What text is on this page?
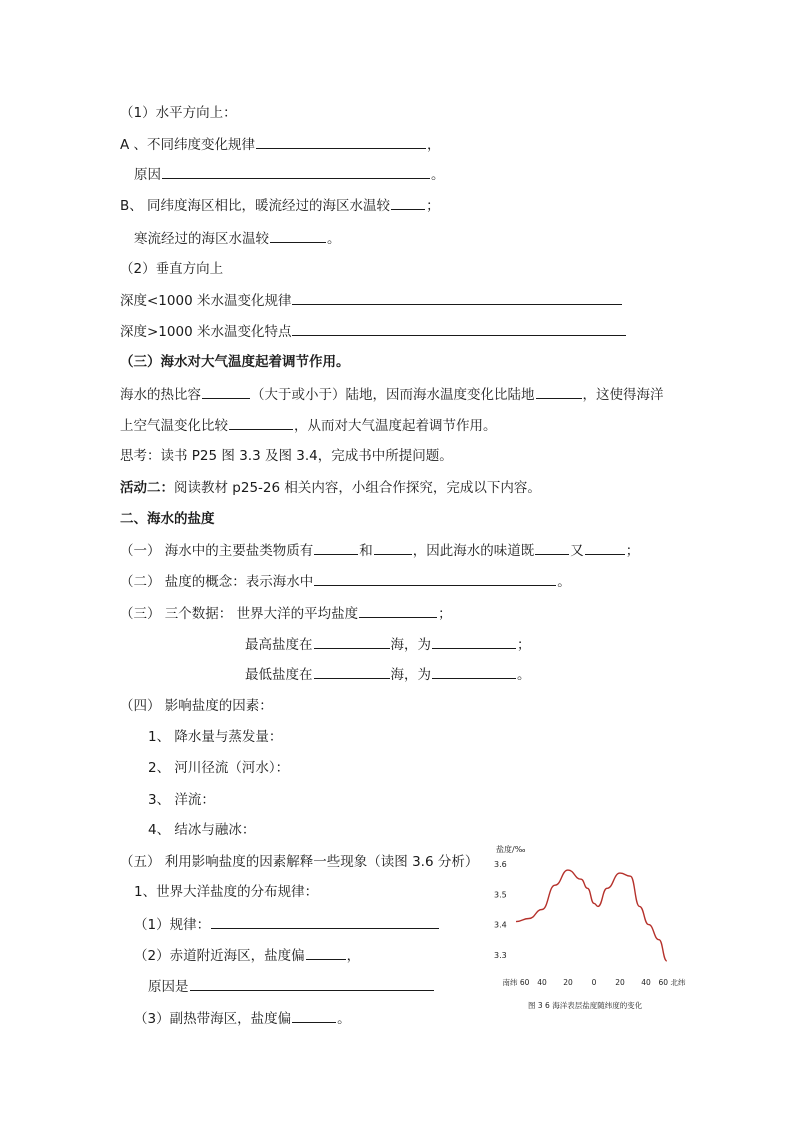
（1）水平方向上：
A 、不同纬度变化规律	，
原因	。
B、 同纬度海区相比，暖流经过的海区水温较	；
寒流经过的海区水温较	。
（2）垂直方向上
深度<1000 米水温变化规律
深度>1000 米水温变化特点
（三）海水对大气温度起着调节作用。
海水的热比容	（大于或小于）陆地，因而海水温度变化比陆地	，这使得海洋
上空气温变化比较	，从而对大气温度起着调节作用。
思考：读书 P25 图 3.3 及图 3.4，完成书中所提问题。
活动二：阅读教材 p25-26 相关内容，小组合作探究，完成以下内容。
二、海水的盐度
（一） 海水中的主要盐类物质有	和	，因此海水的味道既	又	；
（二） 盐度的概念：表示海水中	。
（三） 三个数据： 世界大洋的平均盐度	；
最高盐度在	海，为	；
最低盐度在	海，为	。
（四） 影响盐度的因素：
1、 降水量与蒸发量：
2、 河川径流（河水）：
3、 洋流：
4、 结冰与融冰：
（五） 利用影响盐度的因素解释一些现象（读图 3.6 分析）
1、世界大洋盐度的分布规律：
（1）规律：
（2）赤道附近海区，盐度偏	，
原因是
（3）副热带海区，盐度偏	。
盐度/‰
3.6
3.5
3.4
3.3
南纬 60 40 20	0	20 40 60 北纬
图 3 6 海洋表层盐度随纬度的变化
